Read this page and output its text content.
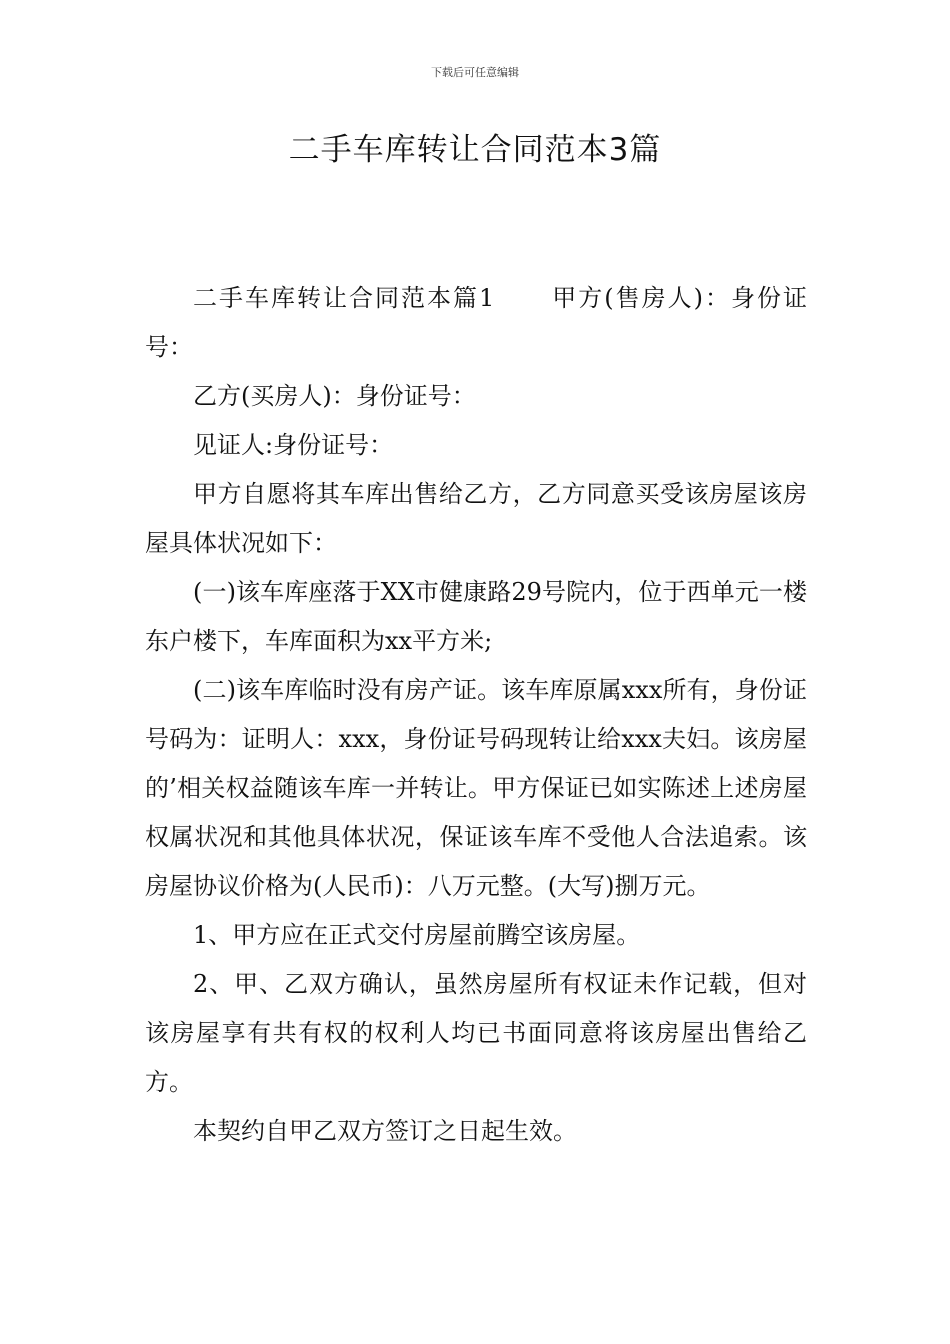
下载后可任意编辑
二手车库转让合同范本3篇

二手车库转让合同范本篇1 甲方(售房人)：身份证号：

乙方(买房人)：身份证号：

见证人:身份证号：

甲方自愿将其车库出售给乙方，乙方同意买受该房屋该房屋具体状况如下：

(一)该车库座落于XX市健康路29号院内，位于西单元一楼东户楼下，车库面积为xx平方米;

(二)该车库临时没有房产证。该车库原属xxx所有，身份证号码为：证明人：xxx，身份证号码现转让给xxx夫妇。该房屋的’相关权益随该车库一并转让。甲方保证已如实陈述上述房屋权属状况和其他具体状况，保证该车库不受他人合法追索。该房屋协议价格为(人民币)：八万元整。(大写)捌万元。

1、甲方应在正式交付房屋前腾空该房屋。

2、甲、乙双方确认，虽然房屋所有权证未作记载，但对该房屋享有共有权的权利人均已书面同意将该房屋出售给乙方。

本契约自甲乙双方签订之日起生效。
